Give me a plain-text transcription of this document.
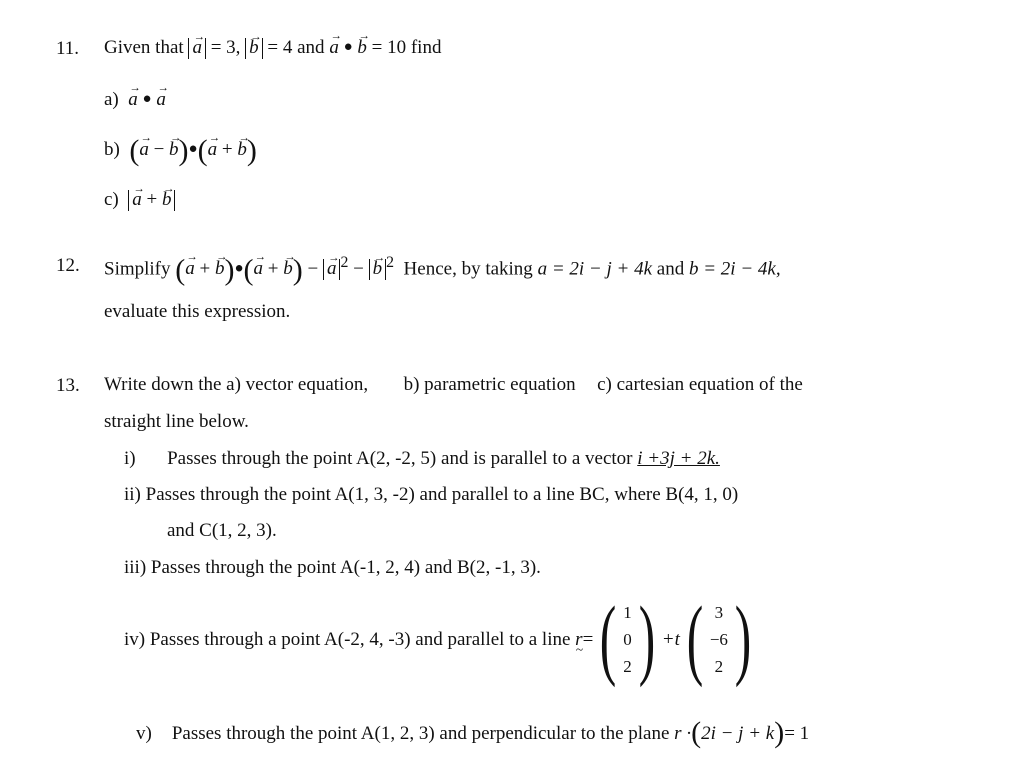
11. Given that → a = 3, → b = 4 and → a ● → b = 10 find
a) → a ● → a
b) (→ a − → b)●(→ a + → b)
c) → a + → b
12. Simplify (→ a + → b)●(→ a + → b) − → a $^2$ − → b $^2$ Hence, by taking a = 2i − j + 4k and b = 2i − 4k,
evaluate this expression.
13. Write down the a) vector equation, b) parametric equation c) cartesian equation of the
straight line below.
i) Passes through the point A(2, -2, 5) and is parallel to a vector i +3j + 2k.
ii) Passes through the point A(1, 3, -2) and parallel to a line BC, where B(4, 1, 0)
and C(1, 2, 3).
iii) Passes through the point A(-1, 2, 4) and B(2, -1, 3).
iv)
Passes through a point A(-2, 4, -3) and parallel to a line
r ~ = ( 1
0
2 ) +t ( 3
−6
2 )
v) Passes through the point A(1, 2, 3) and perpendicular to the plane
r · ( 2i − j + k ) = 1
